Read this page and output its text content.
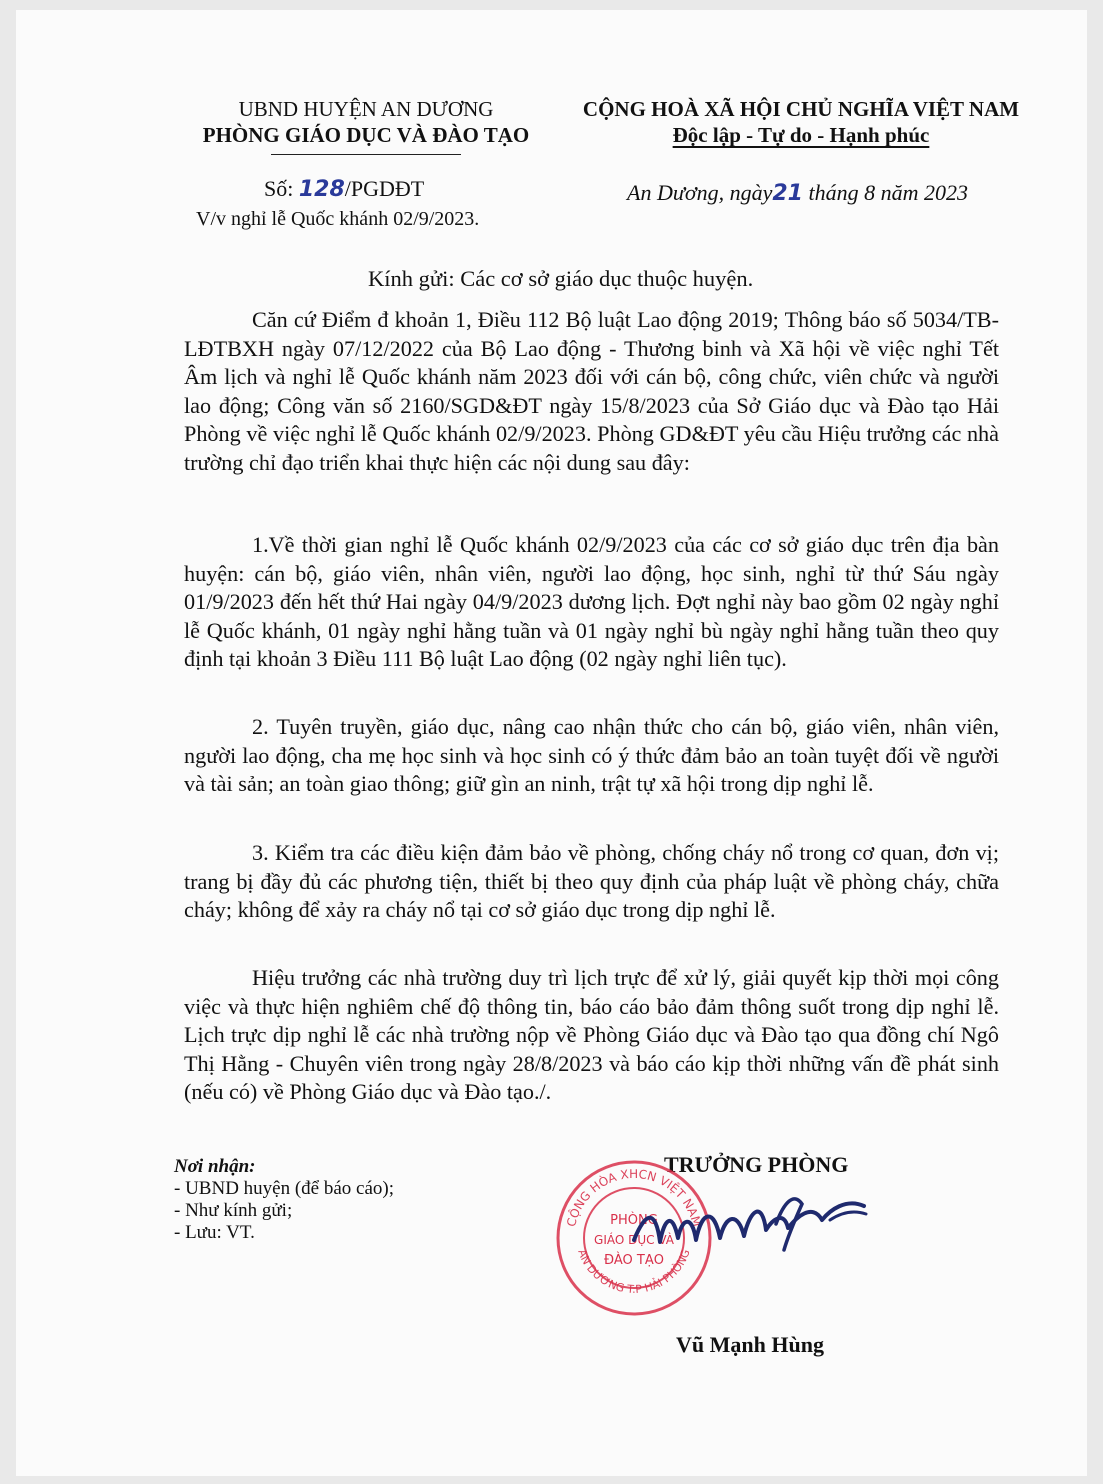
UBND HUYỆN AN DƯƠNG
PHÒNG GIÁO DỤC VÀ ĐÀO TẠO
CỘNG HOÀ XÃ HỘI CHỦ NGHĨA VIỆT NAM
Độc lập - Tự do - Hạnh phúc
Số: 128/PGDĐT
V/v nghỉ lễ Quốc khánh 02/9/2023.
An Dương, ngày21 tháng 8 năm 2023
Kính gửi: Các cơ sở giáo dục thuộc huyện.
Căn cứ Điểm đ khoản 1, Điều 112 Bộ luật Lao động 2019; Thông báo số 5034/TB-LĐTBXH ngày 07/12/2022 của Bộ Lao động - Thương binh và Xã hội về việc nghỉ Tết Âm lịch và nghỉ lễ Quốc khánh năm 2023 đối với cán bộ, công chức, viên chức và người lao động; Công văn số 2160/SGD&ĐT ngày 15/8/2023 của Sở Giáo dục và Đào tạo Hải Phòng về việc nghỉ lễ Quốc khánh 02/9/2023. Phòng GD&ĐT yêu cầu Hiệu trưởng các nhà trường chỉ đạo triển khai thực hiện các nội dung sau đây:
1.Về thời gian nghỉ lễ Quốc khánh 02/9/2023 của các cơ sở giáo dục trên địa bàn huyện: cán bộ, giáo viên, nhân viên, người lao động, học sinh, nghỉ từ thứ Sáu ngày 01/9/2023 đến hết thứ Hai ngày 04/9/2023 dương lịch. Đợt nghỉ này bao gồm 02 ngày nghỉ lễ Quốc khánh, 01 ngày nghỉ hằng tuần và 01 ngày nghỉ bù ngày nghỉ hằng tuần theo quy định tại khoản 3 Điều 111 Bộ luật Lao động (02 ngày nghỉ liên tục).
2. Tuyên truyền, giáo dục, nâng cao nhận thức cho cán bộ, giáo viên, nhân viên, người lao động, cha mẹ học sinh và học sinh có ý thức đảm bảo an toàn tuyệt đối về người và tài sản; an toàn giao thông; giữ gìn an ninh, trật tự xã hội trong dịp nghỉ lễ.
3. Kiểm tra các điều kiện đảm bảo về phòng, chống cháy nổ trong cơ quan, đơn vị; trang bị đầy đủ các phương tiện, thiết bị theo quy định của pháp luật về phòng cháy, chữa cháy; không để xảy ra cháy nổ tại cơ sở giáo dục trong dịp nghỉ lễ.
Hiệu trưởng các nhà trường duy trì lịch trực để xử lý, giải quyết kịp thời mọi công việc và thực hiện nghiêm chế độ thông tin, báo cáo bảo đảm thông suốt trong dịp nghỉ lễ. Lịch trực dịp nghỉ lễ các nhà trường nộp về Phòng Giáo dục và Đào tạo qua đồng chí Ngô Thị Hằng - Chuyên viên trong ngày 28/8/2023 và báo cáo kịp thời những vấn đề phát sinh (nếu có) về Phòng Giáo dục và Đào tạo./.
Nơi nhận:
- UBND huyện (để báo cáo);
- Như kính gửi;
- Lưu: VT.
TRƯỞNG PHÒNG
CỘNG HÒA XHCN VIỆT NAM
AN DƯƠNG T.P HẢI PHÒNG
PHÒNG
GIÁO DỤC VÀ
ĐÀO TẠO
Vũ Mạnh Hùng
